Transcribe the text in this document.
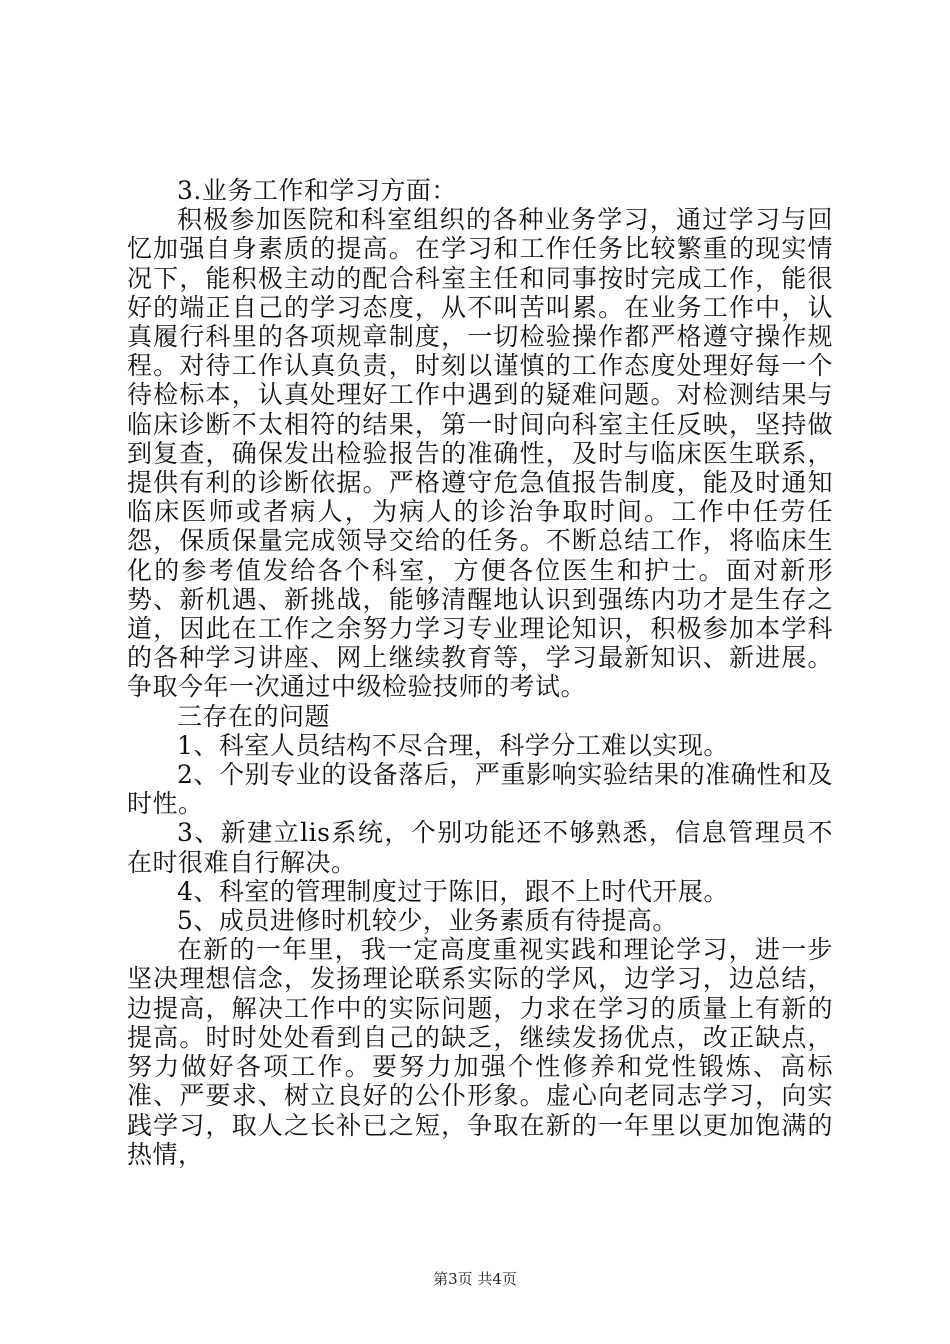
3.业务工作和学习方面：

积极参加医院和科室组织的各种业务学习，通过学习与回忆加强自身素质的提高。在学习和工作任务比较繁重的现实情况下，能积极主动的配合科室主任和同事按时完成工作，能很好的端正自己的学习态度，从不叫苦叫累。在业务工作中，认真履行科里的各项规章制度，一切检验操作都严格遵守操作规程。对待工作认真负责，时刻以谨慎的工作态度处理好每一个待检标本，认真处理好工作中遇到的疑难问题。对检测结果与临床诊断不太相符的结果，第一时间向科室主任反映，坚持做到复查，确保发出检验报告的准确性，及时与临床医生联系，提供有利的诊断依据。严格遵守危急值报告制度，能及时通知临床医师或者病人，为病人的诊治争取时间。工作中任劳任怨，保质保量完成领导交给的任务。不断总结工作，将临床生化的参考值发给各个科室，方便各位医生和护士。面对新形势、新机遇、新挑战，能够清醒地认识到强练内功才是生存之道，因此在工作之余努力学习专业理论知识，积极参加本学科的各种学习讲座、网上继续教育等，学习最新知识、新进展。争取今年一次通过中级检验技师的考试。

三存在的问题

1、科室人员结构不尽合理，科学分工难以实现。

2、个别专业的设备落后，严重影响实验结果的准确性和及时性。

3、新建立lis系统，个别功能还不够熟悉，信息管理员不在时很难自行解决。

4、科室的管理制度过于陈旧，跟不上时代开展。

5、成员进修时机较少，业务素质有待提高。

在新的一年里，我一定高度重视实践和理论学习，进一步坚决理想信念，发扬理论联系实际的学风，边学习，边总结，边提高，解决工作中的实际问题，力求在学习的质量上有新的提高。时时处处看到自己的缺乏，继续发扬优点，改正缺点，努力做好各项工作。要努力加强个性修养和党性锻炼、高标准、严要求、树立良好的公仆形象。虚心向老同志学习，向实践学习，取人之长补已之短，争取在新的一年里以更加饱满的热情，

第3页 共4页
